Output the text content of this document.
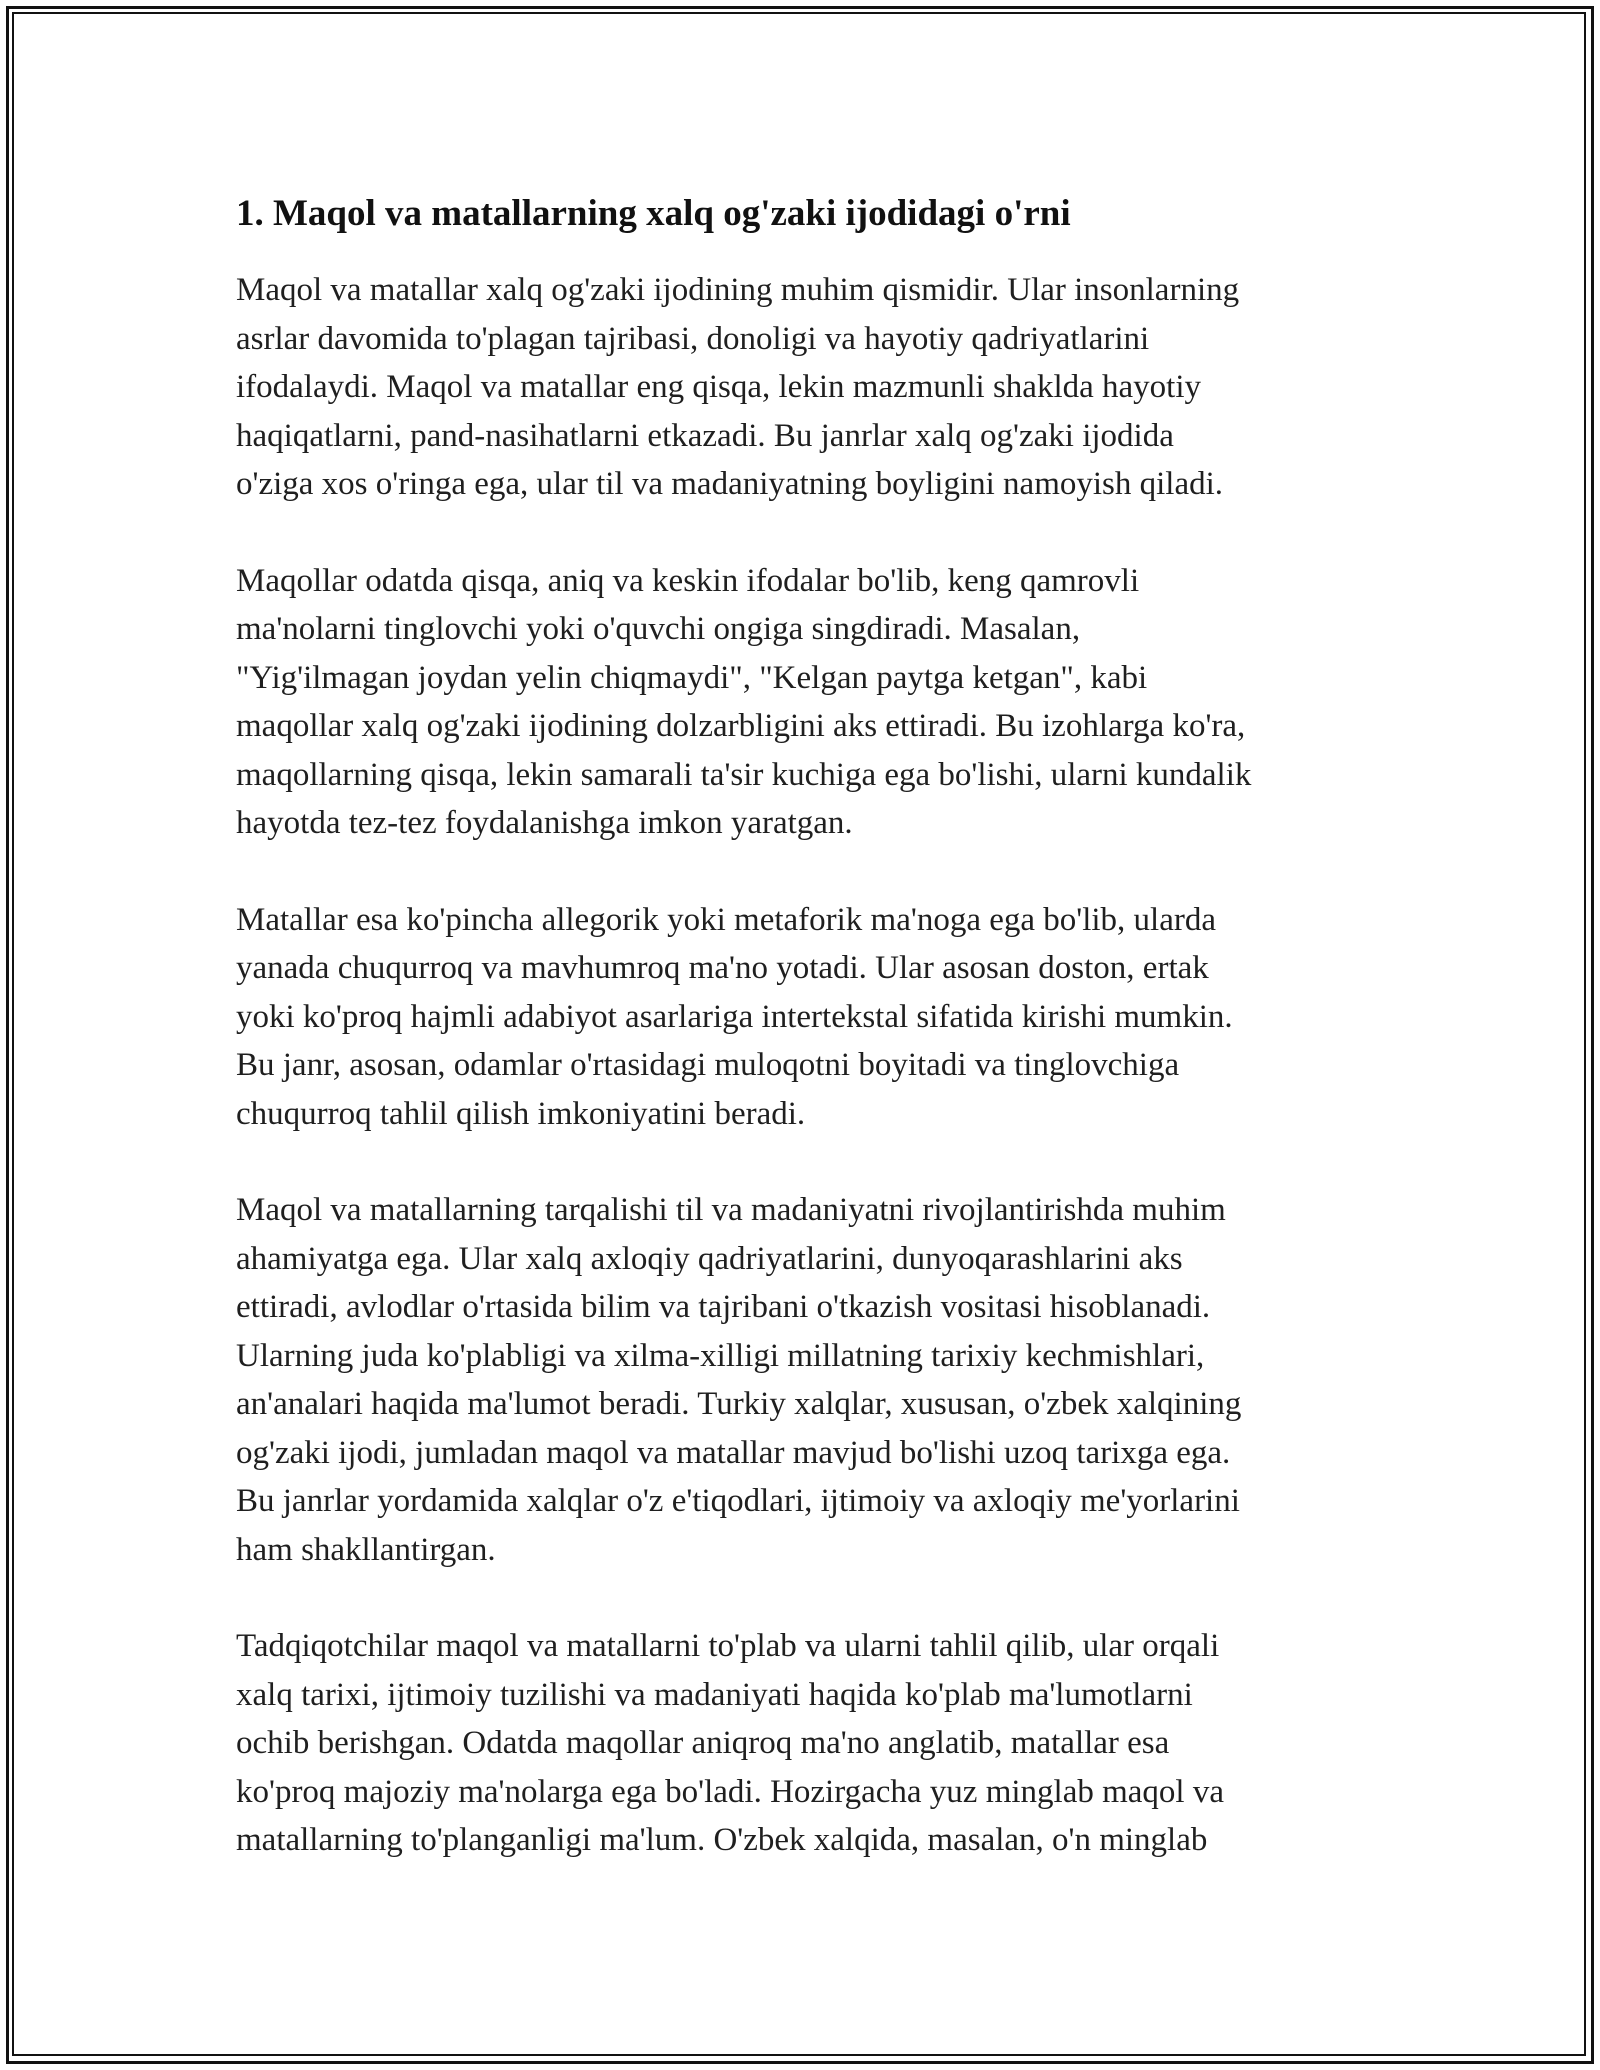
1. Maqol va matallarning xalq og'zaki ijodidagi o'rni

Maqol va matallar xalq og'zaki ijodining muhim qismidir. Ular insonlarning
asrlar davomida to'plagan tajribasi, donoligi va hayotiy qadriyatlarini
ifodalaydi. Maqol va matallar eng qisqa, lekin mazmunli shaklda hayotiy
haqiqatlarni, pand-nasihatlarni etkazadi. Bu janrlar xalq og'zaki ijodida
o'ziga xos o'ringa ega, ular til va madaniyatning boyligini namoyish qiladi.

Maqollar odatda qisqa, aniq va keskin ifodalar bo'lib, keng qamrovli
ma'nolarni tinglovchi yoki o'quvchi ongiga singdiradi. Masalan,
"Yig'ilmagan joydan yelin chiqmaydi", "Kelgan paytga ketgan", kabi
maqollar xalq og'zaki ijodining dolzarbligini aks ettiradi. Bu izohlarga ko'ra,
maqollarning qisqa, lekin samarali ta'sir kuchiga ega bo'lishi, ularni kundalik
hayotda tez-tez foydalanishga imkon yaratgan.

Matallar esa ko'pincha allegorik yoki metaforik ma'noga ega bo'lib, ularda
yanada chuqurroq va mavhumroq ma'no yotadi. Ular asosan doston, ertak
yoki ko'proq hajmli adabiyot asarlariga intertekstal sifatida kirishi mumkin.
Bu janr, asosan, odamlar o'rtasidagi muloqotni boyitadi va tinglovchiga
chuqurroq tahlil qilish imkoniyatini beradi.

Maqol va matallarning tarqalishi til va madaniyatni rivojlantirishda muhim
ahamiyatga ega. Ular xalq axloqiy qadriyatlarini, dunyoqarashlarini aks
ettiradi, avlodlar o'rtasida bilim va tajribani o'tkazish vositasi hisoblanadi.
Ularning juda ko'plabligi va xilma-xilligi millatning tarixiy kechmishlari,
an'analari haqida ma'lumot beradi. Turkiy xalqlar, xususan, o'zbek xalqining
og'zaki ijodi, jumladan maqol va matallar mavjud bo'lishi uzoq tarixga ega.
Bu janrlar yordamida xalqlar o'z e'tiqodlari, ijtimoiy va axloqiy me'yorlarini
ham shakllantirgan.

Tadqiqotchilar maqol va matallarni to'plab va ularni tahlil qilib, ular orqali
xalq tarixi, ijtimoiy tuzilishi va madaniyati haqida ko'plab ma'lumotlarni
ochib berishgan. Odatda maqollar aniqroq ma'no anglatib, matallar esa
ko'proq majoziy ma'nolarga ega bo'ladi. Hozirgacha yuz minglab maqol va
matallarning to'planganligi ma'lum. O'zbek xalqida, masalan, o'n minglab
